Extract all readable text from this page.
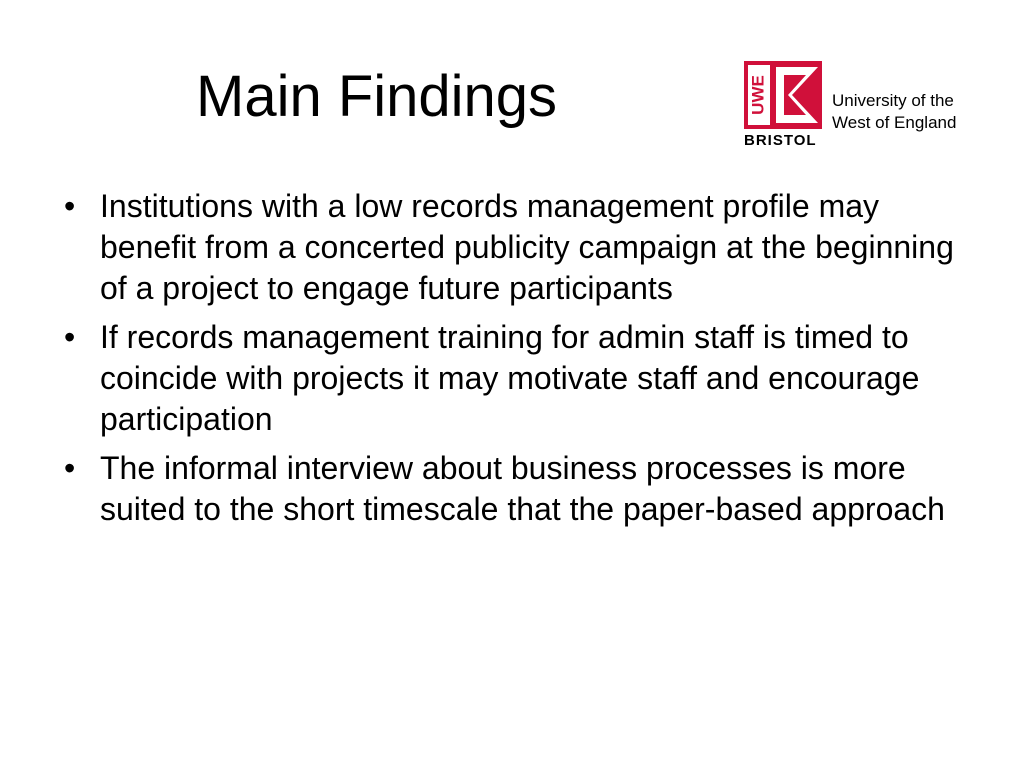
Main Findings	UWE
BRISTOL
University of the
West of England
• Institutions with a low records management profile may benefit from a concerted publicity campaign at the beginning of a project to engage future participants
• If records management training for admin staff is timed to coincide with projects it may motivate staff and encourage participation
• The informal interview about business processes is more suited to the short timescale that the paper-based approach
